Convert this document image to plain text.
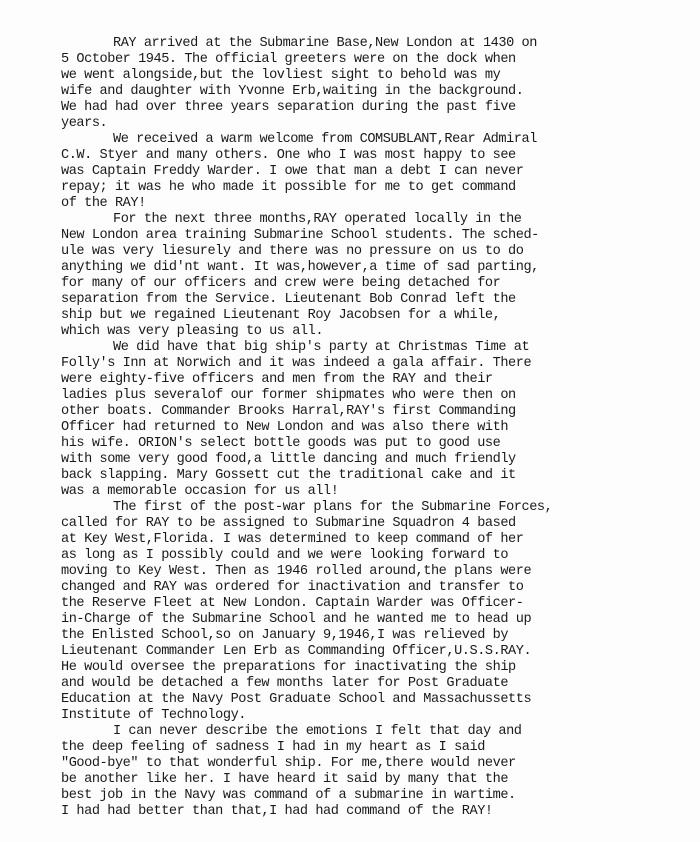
RAY arrived at the Submarine Base,New London at 1430 on
5 October 1945. The official greeters were on the dock when
we went alongside,but the lovliest sight to behold was my
wife and daughter with Yvonne Erb,waiting in the background.
We had had over three years separation during the past five
years.
We received a warm welcome from COMSUBLANT,Rear Admiral
C.W. Styer and many others. One who I was most happy to see
was Captain Freddy Warder. I owe that man a debt I can never
repay; it was he who made it possible for me to get command
of the RAY!
For the next three months,RAY operated locally in the
New London area training Submarine School students. The sched-
ule was very liesurely and there was no pressure on us to do
anything we did'nt want. It was,however,a time of sad parting,
for many of our officers and crew were being detached for
separation from the Service. Lieutenant Bob Conrad left the
ship but we regained Lieutenant Roy Jacobsen for a while,
which was very pleasing to us all.
We did have that big ship's party at Christmas Time at
Folly's Inn at Norwich and it was indeed a gala affair. There
were eighty-five officers and men from the RAY and their
ladies plus severalof our former shipmates who were then on
other boats. Commander Brooks Harral,RAY's first Commanding
Officer had returned to New London and was also there with
his wife. ORION's select bottle goods was put to good use
with some very good food,a little dancing and much friendly
back slapping. Mary Gossett cut the traditional cake and it
was a memorable occasion for us all!
The first of the post-war plans for the Submarine Forces,
called for RAY to be assigned to Submarine Squadron 4 based
at Key West,Florida. I was determined to keep command of her
as long as I possibly could and we were looking forward to
moving to Key West. Then as 1946 rolled around,the plans were
changed and RAY was ordered for inactivation and transfer to
the Reserve Fleet at New London. Captain Warder was Officer-
in-Charge of the Submarine School and he wanted me to head up
the Enlisted School,so on January 9,1946,I was relieved by
Lieutenant Commander Len Erb as Commanding Officer,U.S.S.RAY.
He would oversee the preparations for inactivating the ship
and would be detached a few months later for Post Graduate
Education at the Navy Post Graduate School and Massachussetts
Institute of Technology.
I can never describe the emotions I felt that day and
the deep feeling of sadness I had in my heart as I said
"Good-bye" to that wonderful ship. For me,there would never
be another like her. I have heard it said by many that the
best job in the Navy was command of a submarine in wartime.
I had had better than that,I had had command of the RAY!
